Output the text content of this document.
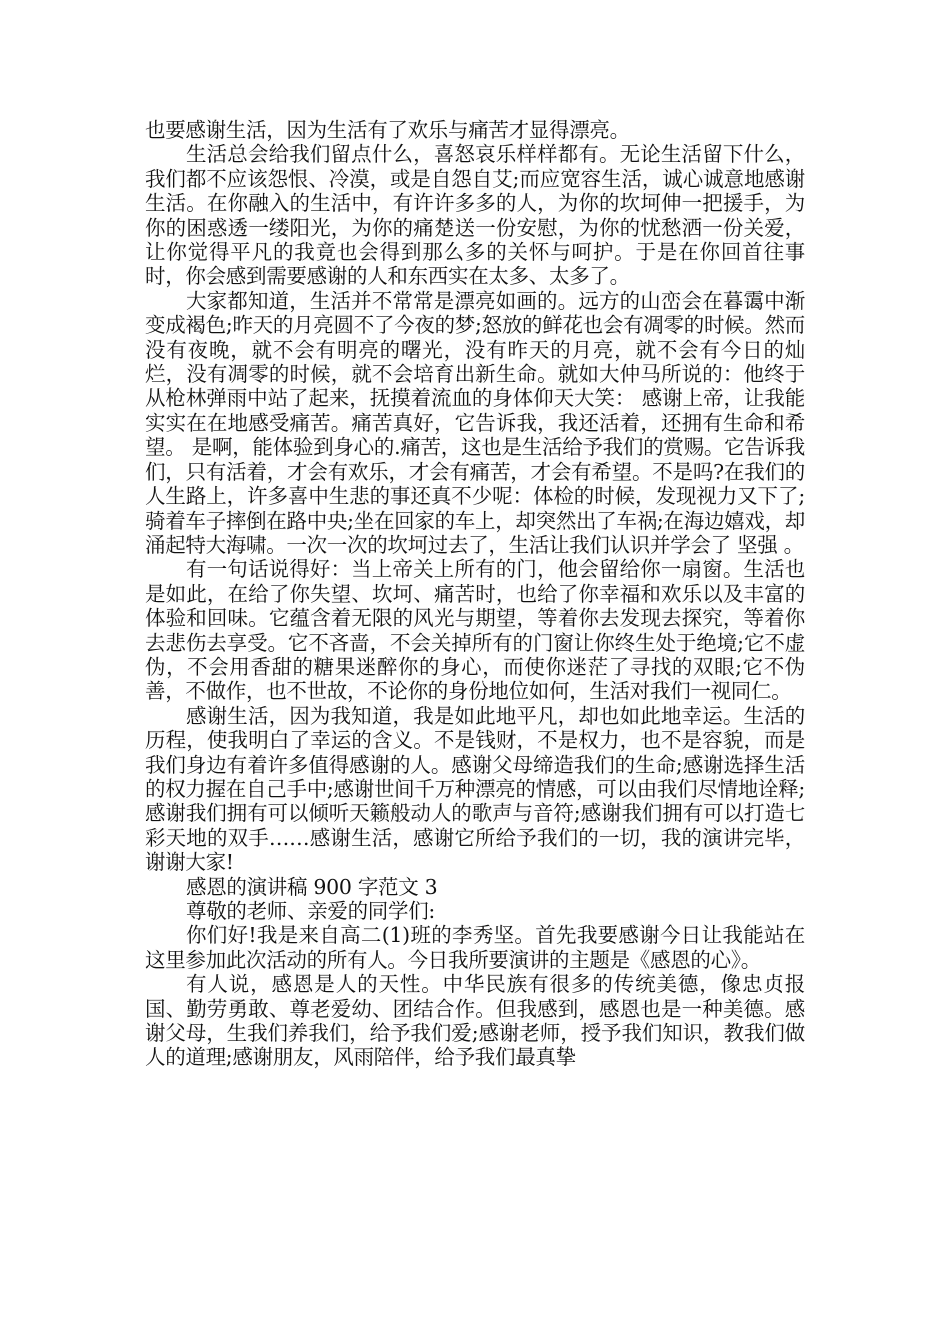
也要感谢生活，因为生活有了欢乐与痛苦才显得漂亮。

生活总会给我们留点什么，喜怒哀乐样样都有。无论生活留下什么，我们都不应该怨恨、冷漠，或是自怨自艾;而应宽容生活，诚心诚意地感谢生活。在你融入的生活中，有许许多多的人，为你的坎坷伸一把援手，为你的困惑透一缕阳光，为你的痛楚送一份安慰，为你的忧愁洒一份关爱，让你觉得平凡的我竟也会得到那么多的关怀与呵护。于是在你回首往事时，你会感到需要感谢的人和东西实在太多、太多了。

大家都知道，生活并不常常是漂亮如画的。远方的山峦会在暮霭中渐变成褐色;昨天的月亮圆不了今夜的梦;怒放的鲜花也会有凋零的时候。然而没有夜晚，就不会有明亮的曙光，没有昨天的月亮，就不会有今日的灿烂，没有凋零的时候，就不会培育出新生命。就如大仲马所说的：他终于从枪林弹雨中站了起来，抚摸着流血的身体仰天大笑： 感谢上帝，让我能实实在在地感受痛苦。痛苦真好，它告诉我，我还活着，还拥有生命和希望。 是啊，能体验到身心的.痛苦，这也是生活给予我们的赏赐。它告诉我们，只有活着，才会有欢乐，才会有痛苦，才会有希望。不是吗?在我们的人生路上，许多喜中生悲的事还真不少呢：体检的时候，发现视力又下了;骑着车子摔倒在路中央;坐在回家的车上，却突然出了车祸;在海边嬉戏，却涌起特大海啸。一次一次的坎坷过去了，生活让我们认识并学会了 坚强 。

有一句话说得好：当上帝关上所有的门，他会留给你一扇窗。生活也是如此，在给了你失望、坎坷、痛苦时，也给了你幸福和欢乐以及丰富的体验和回味。它蕴含着无限的风光与期望，等着你去发现去探究，等着你去悲伤去享受。它不吝啬，不会关掉所有的门窗让你终生处于绝境;它不虚伪，不会用香甜的糖果迷醉你的身心，而使你迷茫了寻找的双眼;它不伪善，不做作，也不世故，不论你的身份地位如何，生活对我们一视同仁。

感谢生活，因为我知道，我是如此地平凡，却也如此地幸运。生活的历程，使我明白了幸运的含义。不是钱财，不是权力，也不是容貌，而是我们身边有着许多值得感谢的人。感谢父母缔造我们的生命;感谢选择生活的权力握在自己手中;感谢世间千万种漂亮的情感，可以由我们尽情地诠释;感谢我们拥有可以倾听天籁般动人的歌声与音符;感谢我们拥有可以打造七彩天地的双手……感谢生活，感谢它所给予我们的一切，我的演讲完毕，谢谢大家!

感恩的演讲稿 900 字范文 3

尊敬的老师、亲爱的同学们:

你们好!我是来自高二(1)班的李秀坚。首先我要感谢今日让我能站在这里参加此次活动的所有人。今日我所要演讲的主题是《感恩的心》。

有人说，感恩是人的天性。中华民族有很多的传统美德，像忠贞报国、勤劳勇敢、尊老爱幼、团结合作。但我感到，感恩也是一种美德。感谢父母，生我们养我们，给予我们爱;感谢老师，授予我们知识，教我们做人的道理;感谢朋友，风雨陪伴，给予我们最真挚
